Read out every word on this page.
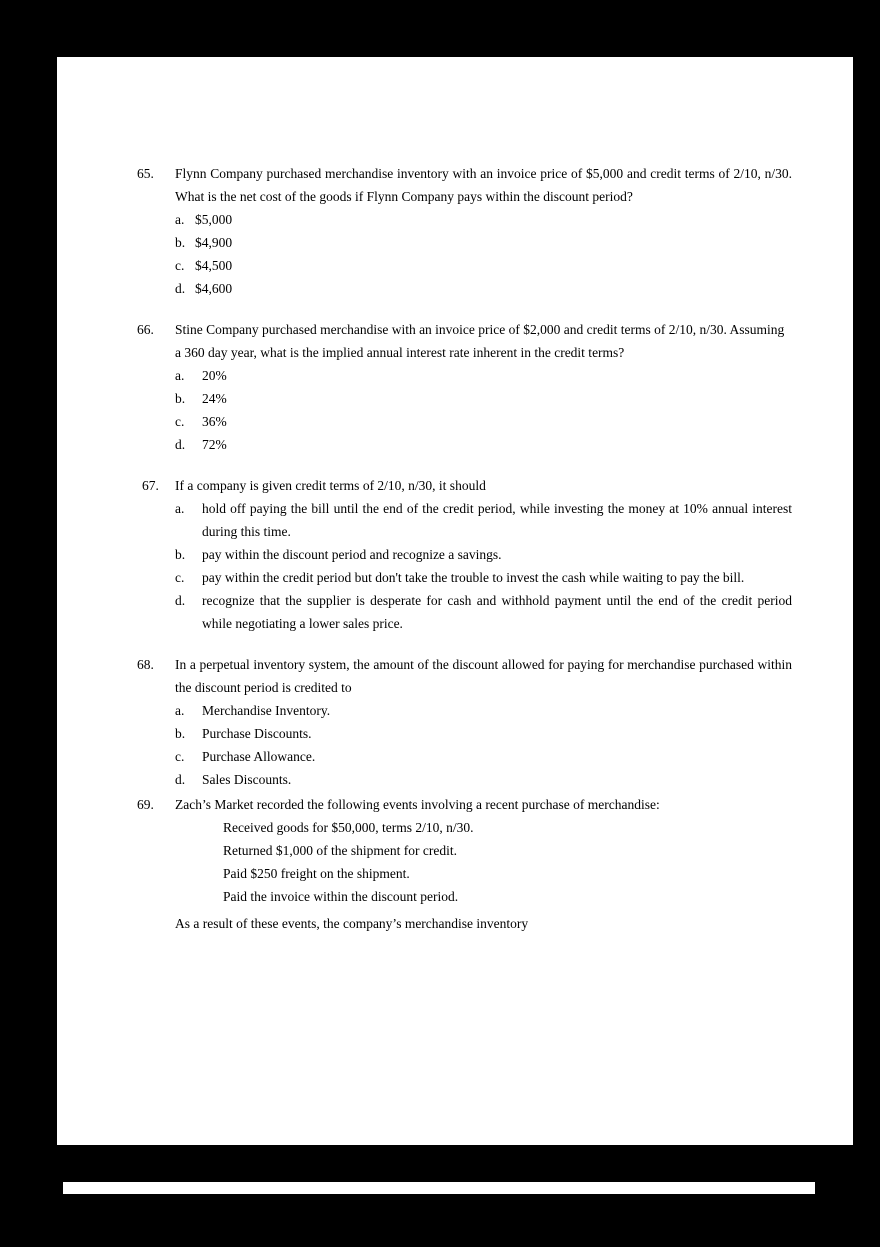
65.	Flynn Company purchased merchandise inventory with an invoice price of $5,000 and credit terms of 2/10, n/30. What is the net cost of the goods if Flynn Company pays within the discount period?
a. $5,000
b. $4,900
c. $4,500
d. $4,600
66.	Stine Company purchased merchandise with an invoice price of $2,000 and credit terms of 2/10, n/30. Assuming a 360 day year, what is the implied annual interest rate inherent in the credit terms?
a.	20%
b.	24%
c.	36%
d.	72%
67.	If a company is given credit terms of 2/10, n/30, it should
a.	hold off paying the bill until the end of the credit period, while investing the money at 10% annual interest during this time.
b.	pay within the discount period and recognize a savings.
c.	pay within the credit period but don't take the trouble to invest the cash while waiting to pay the bill.
d.	recognize that the supplier is desperate for cash and withhold payment until the end of the credit period while negotiating a lower sales price.
68.	In a perpetual inventory system, the amount of the discount allowed for paying for merchandise purchased within the discount period is credited to
a.	Merchandise Inventory.
b.	Purchase Discounts.
c.	Purchase Allowance.
d.	Sales Discounts.
69.	Zach’s Market recorded the following events involving a recent purchase of merchandise:
Received goods for $50,000, terms 2/10, n/30.
Returned $1,000 of the shipment for credit.
Paid $250 freight on the shipment.
Paid the invoice within the discount period.
As a result of these events, the company’s merchandise inventory
